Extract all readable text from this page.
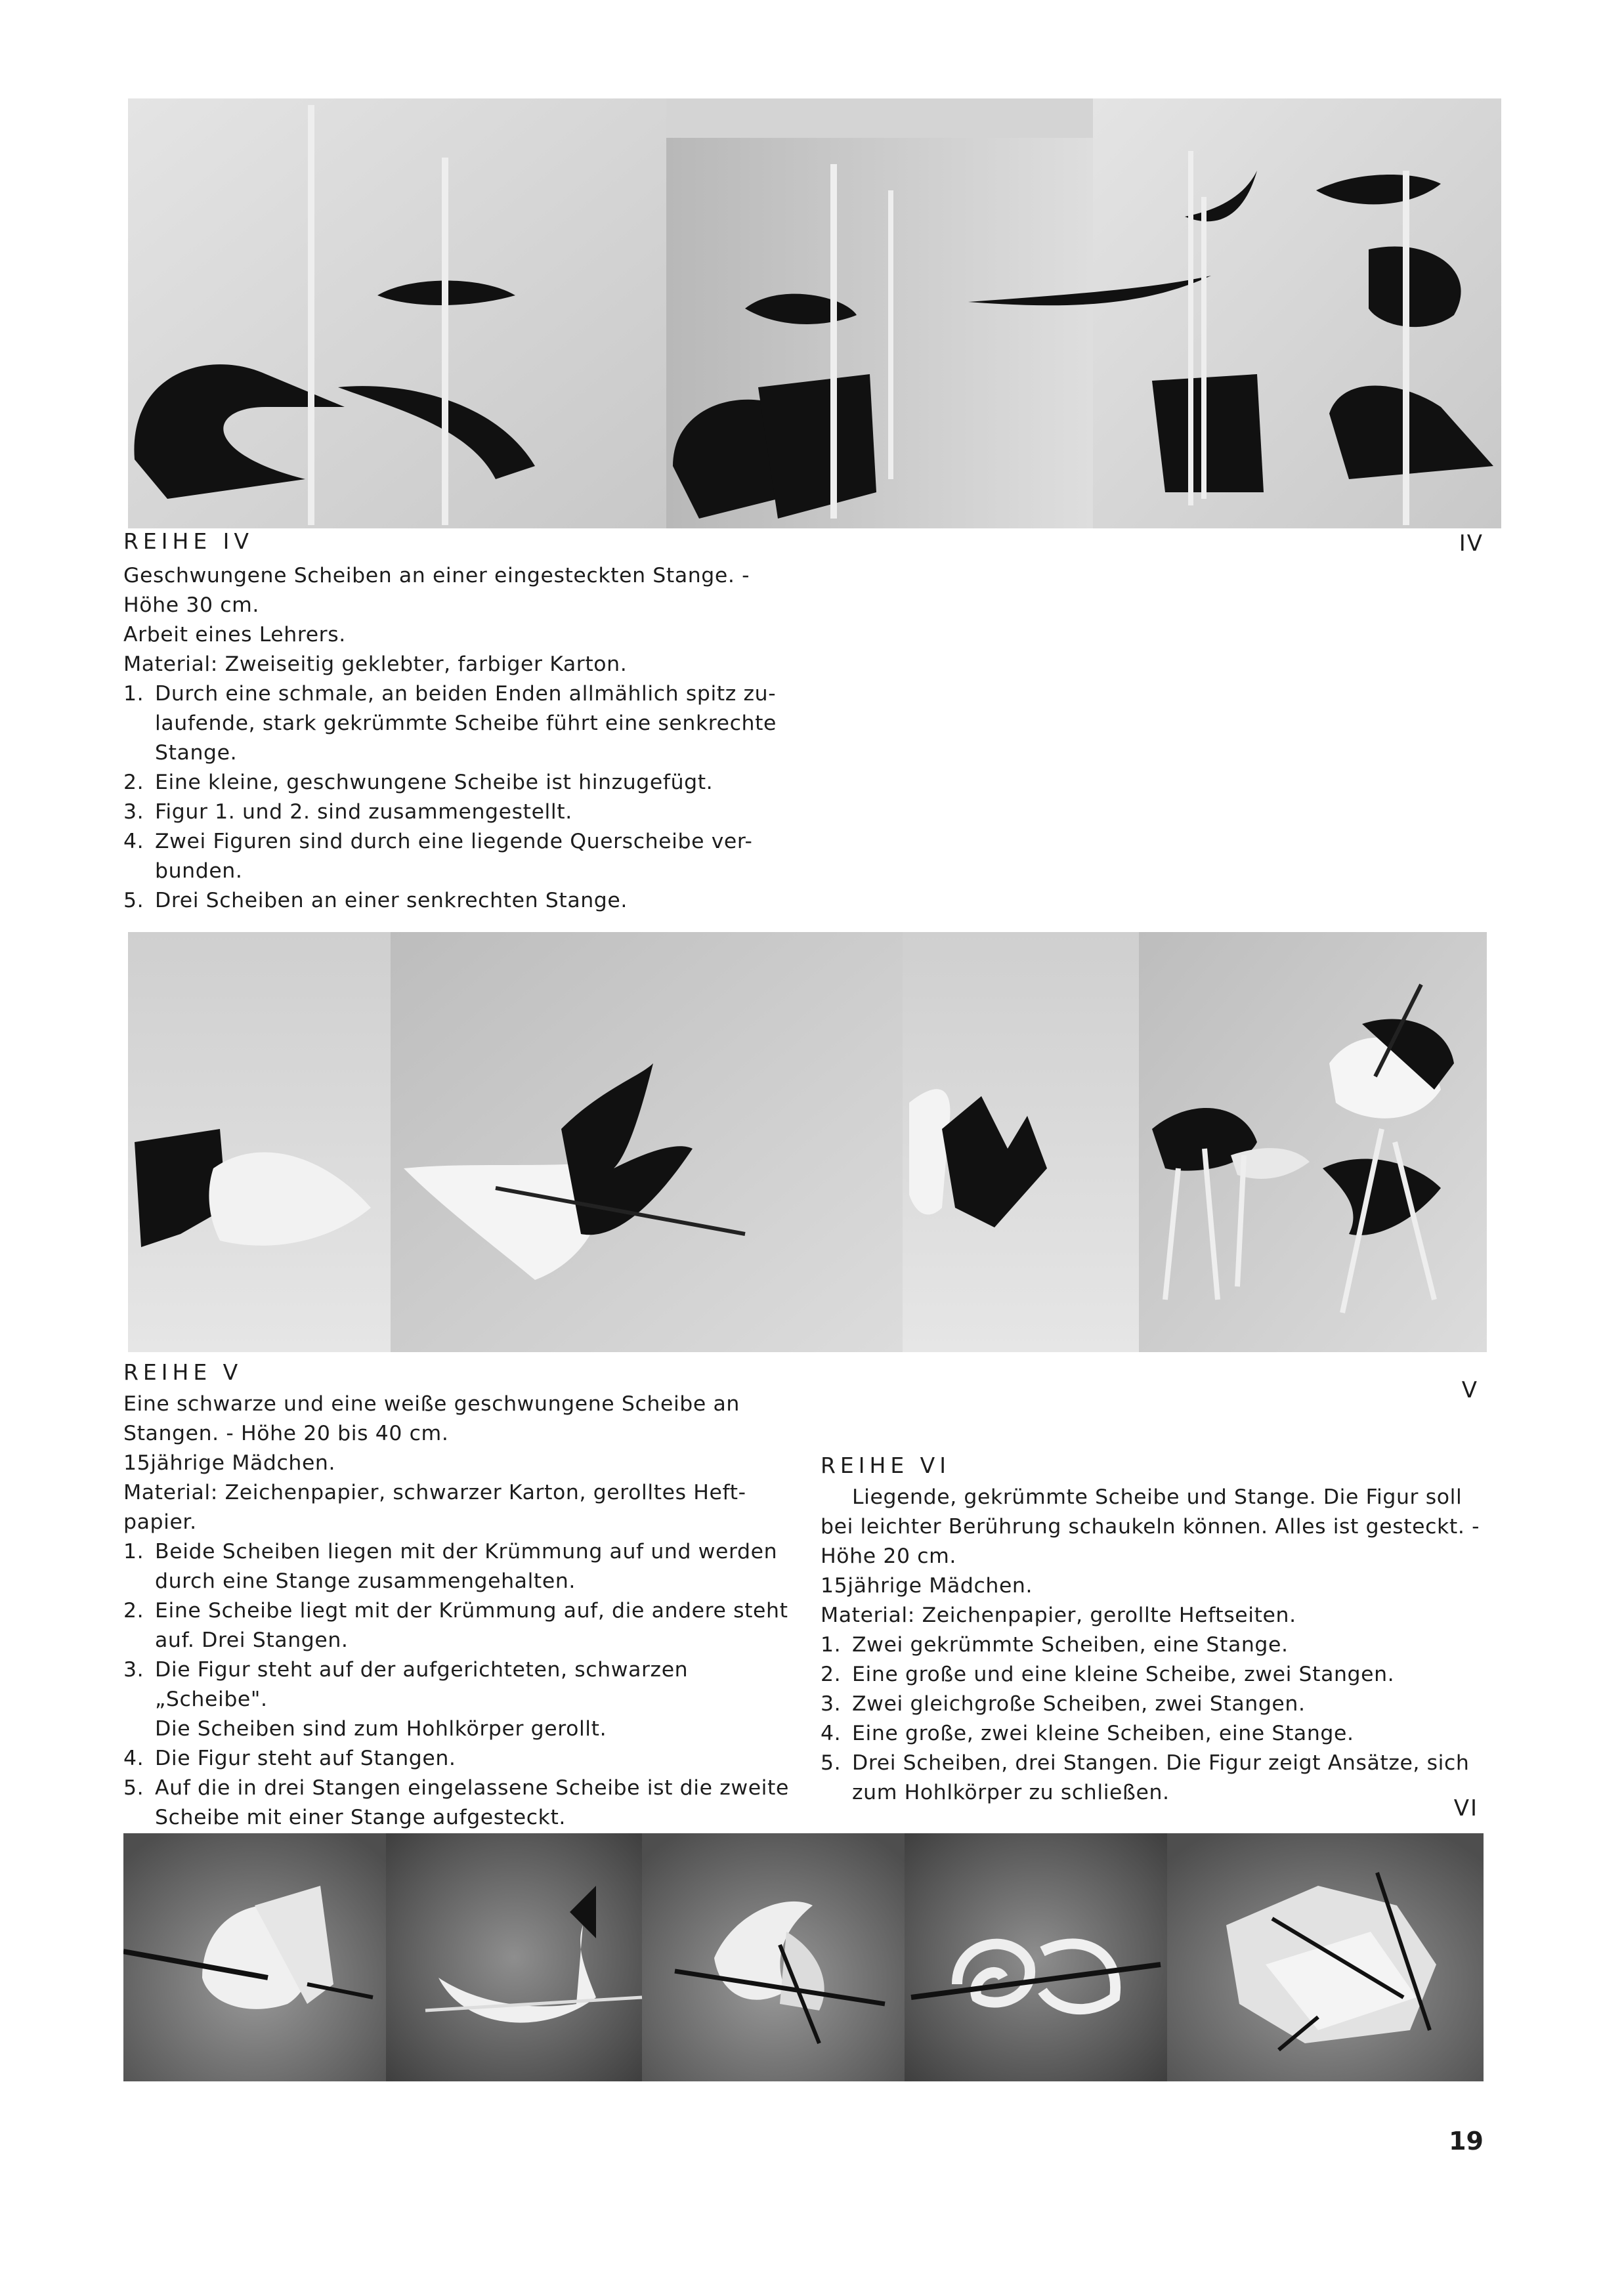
REIHE IV	IV
Geschwungene Scheiben an einer eingesteckten Stange. -
Höhe 30 cm.
Arbeit eines Lehrers.
Material: Zweiseitig geklebter, farbiger Karton.
1. Durch eine schmale, an beiden Enden allmählich spitz zu-
laufende, stark gekrümmte Scheibe führt eine senkrechte
Stange.
2. Eine kleine, geschwungene Scheibe ist hinzugefügt.
3. Figur 1. und 2. sind zusammengestellt.
4. Zwei Figuren sind durch eine liegende Querscheibe ver-
bunden.
5. Drei Scheiben an einer senkrechten Stange.
REIHE V
Eine schwarze und eine weiße geschwungene Scheibe an
Stangen. - Höhe 20 bis 40 cm.
15jährige Mädchen.
Material: Zeichenpapier, schwarzer Karton, gerolltes Heft-
papier.
1. Beide Scheiben liegen mit der Krümmung auf und werden
durch eine Stange zusammengehalten.
2. Eine Scheibe liegt mit der Krümmung auf, die andere steht
auf. Drei Stangen.
3. Die Figur steht auf der aufgerichteten, schwarzen „Scheibe".
Die Scheiben sind zum Hohlkörper gerollt.
4. Die Figur steht auf Stangen.
5. Auf die in drei Stangen eingelassene Scheibe ist die zweite
Scheibe mit einer Stange aufgesteckt.
V
REIHE VI
Liegende, gekrümmte Scheibe und Stange. Die Figur soll
bei leichter Berührung schaukeln können. Alles ist gesteckt. -
Höhe 20 cm.
15jährige Mädchen.
Material: Zeichenpapier, gerollte Heftseiten.
1. Zwei gekrümmte Scheiben, eine Stange.
2. Eine große und eine kleine Scheibe, zwei Stangen.
3. Zwei gleichgroße Scheiben, zwei Stangen.
4. Eine große, zwei kleine Scheiben, eine Stange.
5. Drei Scheiben, drei Stangen. Die Figur zeigt Ansätze, sich
zum Hohlkörper zu schließen.
VI
19
